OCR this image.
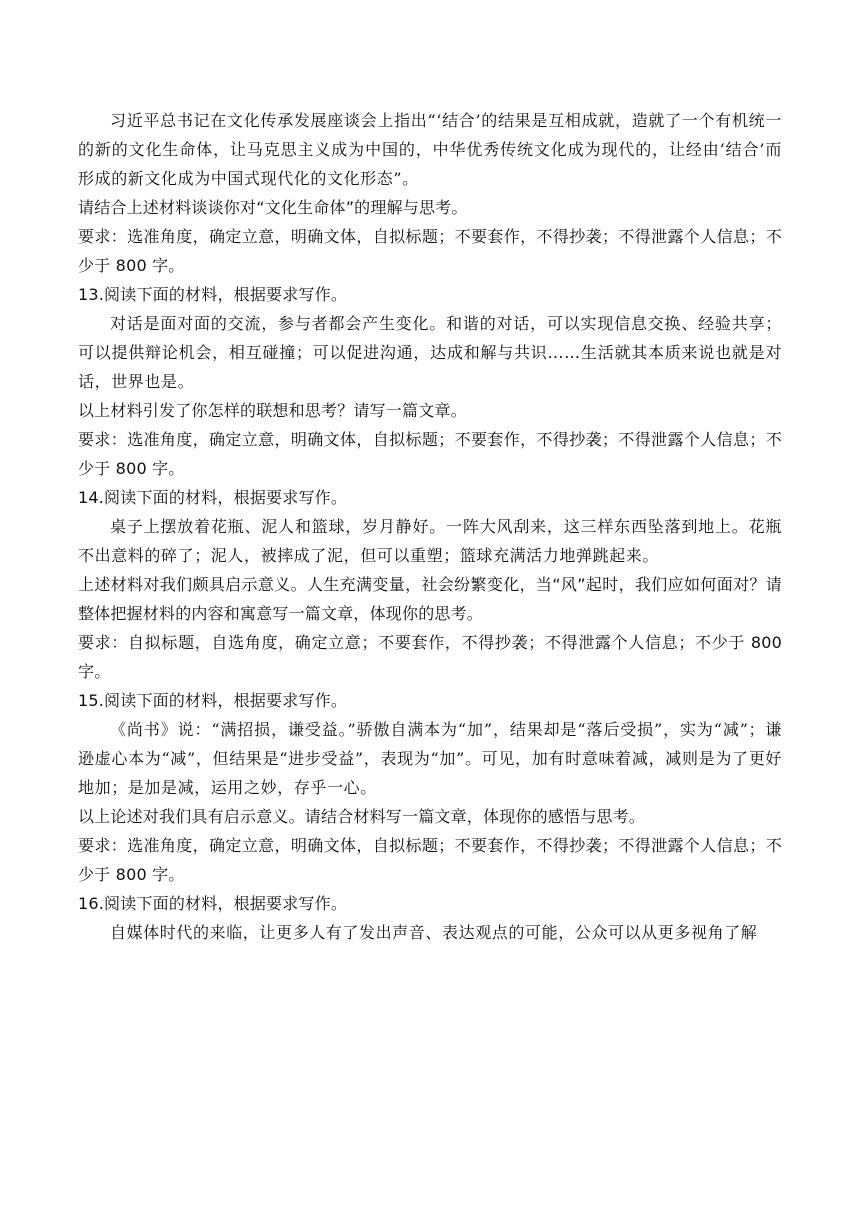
习近平总书记在文化传承发展座谈会上指出“‘结合’的结果是互相成就，造就了一个有机统一的新的文化生命体，让马克思主义成为中国的，中华优秀传统文化成为现代的，让经由‘结合’而形成的新文化成为中国式现代化的文化形态”。

请结合上述材料谈谈你对“文化生命体”的理解与思考。

要求：选准角度，确定立意，明确文体，自拟标题；不要套作，不得抄袭；不得泄露个人信息；不少于 800 字。

13.阅读下面的材料，根据要求写作。

对话是面对面的交流，参与者都会产生变化。和谐的对话，可以实现信息交换、经验共享；可以提供辩论机会，相互碰撞；可以促进沟通，达成和解与共识……生活就其本质来说也就是对话，世界也是。

以上材料引发了你怎样的联想和思考？请写一篇文章。

要求：选准角度，确定立意，明确文体，自拟标题；不要套作，不得抄袭；不得泄露个人信息；不少于 800 字。

14.阅读下面的材料，根据要求写作。

桌子上摆放着花瓶、泥人和篮球，岁月静好。一阵大风刮来，这三样东西坠落到地上。花瓶不出意料的碎了；泥人，被摔成了泥，但可以重塑；篮球充满活力地弹跳起来。

上述材料对我们颇具启示意义。人生充满变量，社会纷繁变化，当“风”起时，我们应如何面对？请整体把握材料的内容和寓意写一篇文章，体现你的思考。

要求：自拟标题，自选角度，确定立意；不要套作，不得抄袭；不得泄露个人信息；不少于 800 字。

15.阅读下面的材料，根据要求写作。

《尚书》说：“满招损，谦受益。”骄傲自满本为“加”，结果却是“落后受损”，实为“减”；谦逊虚心本为“减”，但结果是“进步受益”，表现为“加”。可见，加有时意味着减，减则是为了更好地加；是加是减，运用之妙，存乎一心。

以上论述对我们具有启示意义。请结合材料写一篇文章，体现你的感悟与思考。

要求：选准角度，确定立意，明确文体，自拟标题；不要套作，不得抄袭；不得泄露个人信息；不少于 800 字。

16.阅读下面的材料，根据要求写作。

自媒体时代的来临，让更多人有了发出声音、表达观点的可能，公众可以从更多视角了解
